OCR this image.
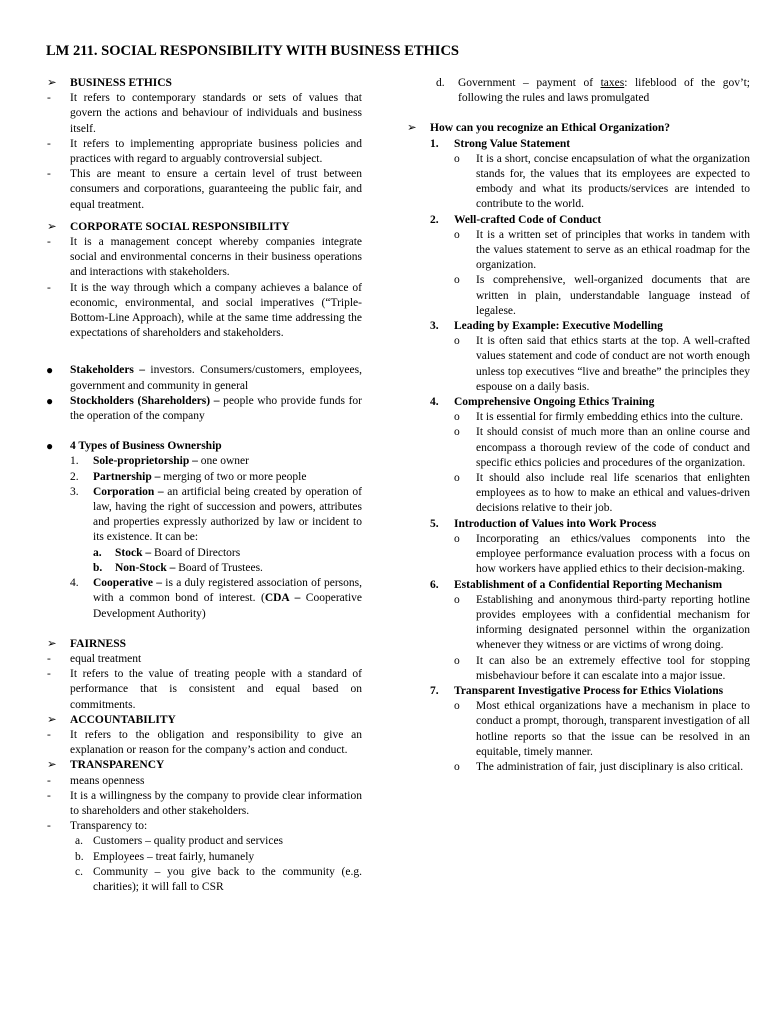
LM 211. SOCIAL RESPONSIBILITY WITH BUSINESS ETHICS
➢ BUSINESS ETHICS
- It refers to contemporary standards or sets of values that govern the actions and behaviour of individuals and business itself.
- It refers to implementing appropriate business policies and practices with regard to arguably controversial subject.
- This are meant to ensure a certain level of trust between consumers and corporations, guaranteeing the public fair, and equal treatment.
➢ CORPORATE SOCIAL RESPONSIBILITY
- It is a management concept whereby companies integrate social and environmental concerns in their business operations and interactions with stakeholders.
- It is the way through which a company achieves a balance of economic, environmental, and social imperatives (“Triple-Bottom-Line Approach), while at the same time addressing the expectations of shareholders and stakeholders.
● Stakeholders – investors. Consumers/customers, employees, government and community in general
● Stockholders (Shareholders) – people who provide funds for the operation of the company
● 4 Types of Business Ownership
1. Sole-proprietorship – one owner
2. Partnership – merging of two or more people
3. Corporation – an artificial being created by operation of law, having the right of succession and powers, attributes and properties expressly authorized by law or incident to its existence. It can be:
a. Stock – Board of Directors
b. Non-Stock – Board of Trustees.
4. Cooperative – is a duly registered association of persons, with a common bond of interest. (CDA – Cooperative Development Authority)
➢ FAIRNESS
- equal treatment
- It refers to the value of treating people with a standard of performance that is consistent and equal based on commitments.
➢ ACCOUNTABILITY
- It refers to the obligation and responsibility to give an explanation or reason for the company’s action and conduct.
➢ TRANSPARENCY
- means openness
- It is a willingness by the company to provide clear information to shareholders and other stakeholders.
- Transparency to:
a. Customers – quality product and services
b. Employees – treat fairly, humanely
c. Community – you give back to the community (e.g. charities); it will fall to CSR
d. Government – payment of taxes: lifeblood of the gov’t; following the rules and laws promulgated
➢ How can you recognize an Ethical Organization?
1. Strong Value Statement
o It is a short, concise encapsulation of what the organization stands for, the values that its employees are expected to embody and what its products/services are intended to contribute to the world.
2. Well-crafted Code of Conduct
o It is a written set of principles that works in tandem with the values statement to serve as an ethical roadmap for the organization.
o Is comprehensive, well-organized documents that are written in plain, understandable language instead of legalese.
3. Leading by Example: Executive Modelling
o It is often said that ethics starts at the top. A well-crafted values statement and code of conduct are not worth enough unless top executives “live and breathe” the principles they espouse on a daily basis.
4. Comprehensive Ongoing Ethics Training
o It is essential for firmly embedding ethics into the culture.
o It should consist of much more than an online course and encompass a thorough review of the code of conduct and specific ethics policies and procedures of the organization.
o It should also include real life scenarios that enlighten employees as to how to make an ethical and values-driven decisions relative to their job.
5. Introduction of Values into Work Process
o Incorporating an ethics/values components into the employee performance evaluation process with a focus on how workers have applied ethics to their decision-making.
6. Establishment of a Confidential Reporting Mechanism
o Establishing and anonymous third-party reporting hotline provides employees with a confidential mechanism for informing designated personnel within the organization whenever they witness or are victims of wrong doing.
o It can also be an extremely effective tool for stopping misbehaviour before it can escalate into a major issue.
7. Transparent Investigative Process for Ethics Violations
o Most ethical organizations have a mechanism in place to conduct a prompt, thorough, transparent investigation of all hotline reports so that the issue can be resolved in an equitable, timely manner.
o The administration of fair, just disciplinary is also critical.
